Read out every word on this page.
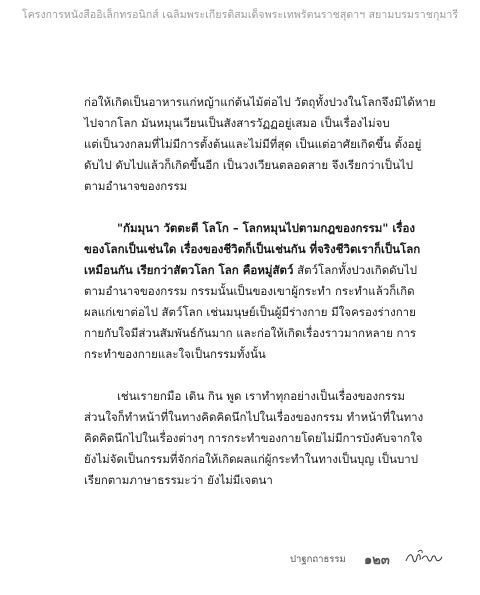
โครงการหนังสืออิเล็กทรอนิกส์ เฉลิมพระเกียรติสมเด็จพระเทพรัตนราชสุดาฯ สยามบรมราชกุมารี
ก่อให้เกิดเป็นอาหารแก่หญ้าแก่ต้นไม้ต่อไป วัตถุทั้งปวงในโลกจึงมิได้หาย
ไปจากโลก มันหมุนเวียนเป็นสังสารวัฏฏอยู่เสมอ เป็นเรื่องไม่จบ
แต่เป็นวงกลมที่ไม่มีการตั้งต้นและไม่มีที่สุด เป็นแต่อาศัยเกิดขึ้น ตั้งอยู่
ดับไป ดับไปแล้วก็เกิดขึ้นอีก เป็นวงเวียนตลอดสาย จึงเรียกว่าเป็นไป
ตามอำนาจของกรรม
"กัมมุนา วัตตะตี โลโก – โลกหมุนไปตามกฎของกรรม" เรื่อง
ของโลกเป็นเช่นใด เรื่องของชีวิตก็เป็นเช่นกัน ที่จริงชีวิตเราก็เป็นโลก
เหมือนกัน เรียกว่าสัตวโลก โลก คือหมู่สัตว์ สัตว์โลกทั้งปวงเกิดดับไป
ตามอำนาจของกรรม กรรมนั้นเป็นของเขาผู้กระทำ กระทำแล้วก็เกิด
ผลแก่เขาต่อไป สัตว์โลก เช่นมนุษย์เป็นผู้มีร่างกาย มีใจครองร่างกาย
กายกับใจมีส่วนสัมพันธ์กันมาก และก่อให้เกิดเรื่องราวมากหลาย การ
กระทำของกายและใจเป็นกรรมทั้งนั้น
เช่นเรายกมือ เดิน กิน พูด เราทำทุกอย่างเป็นเรื่องของกรรม
ส่วนใจก็ทำหน้าที่ในทางคิดคิดนึกไปในเรื่องของกรรม ทำหน้าที่ในทาง
คิดคิดนึกไปในเรื่องต่างๆ การกระทำของกายโดยไม่มีการบังคับจากใจ
ยังไม่จัดเป็นกรรมที่จักก่อให้เกิดผลแก่ผู้กระทำในทางเป็นบุญ เป็นบาป
เรียกตามภาษาธรรมะว่า ยังไม่มีเจตนา
ปาฐกถาธรรม ๑๒๓
